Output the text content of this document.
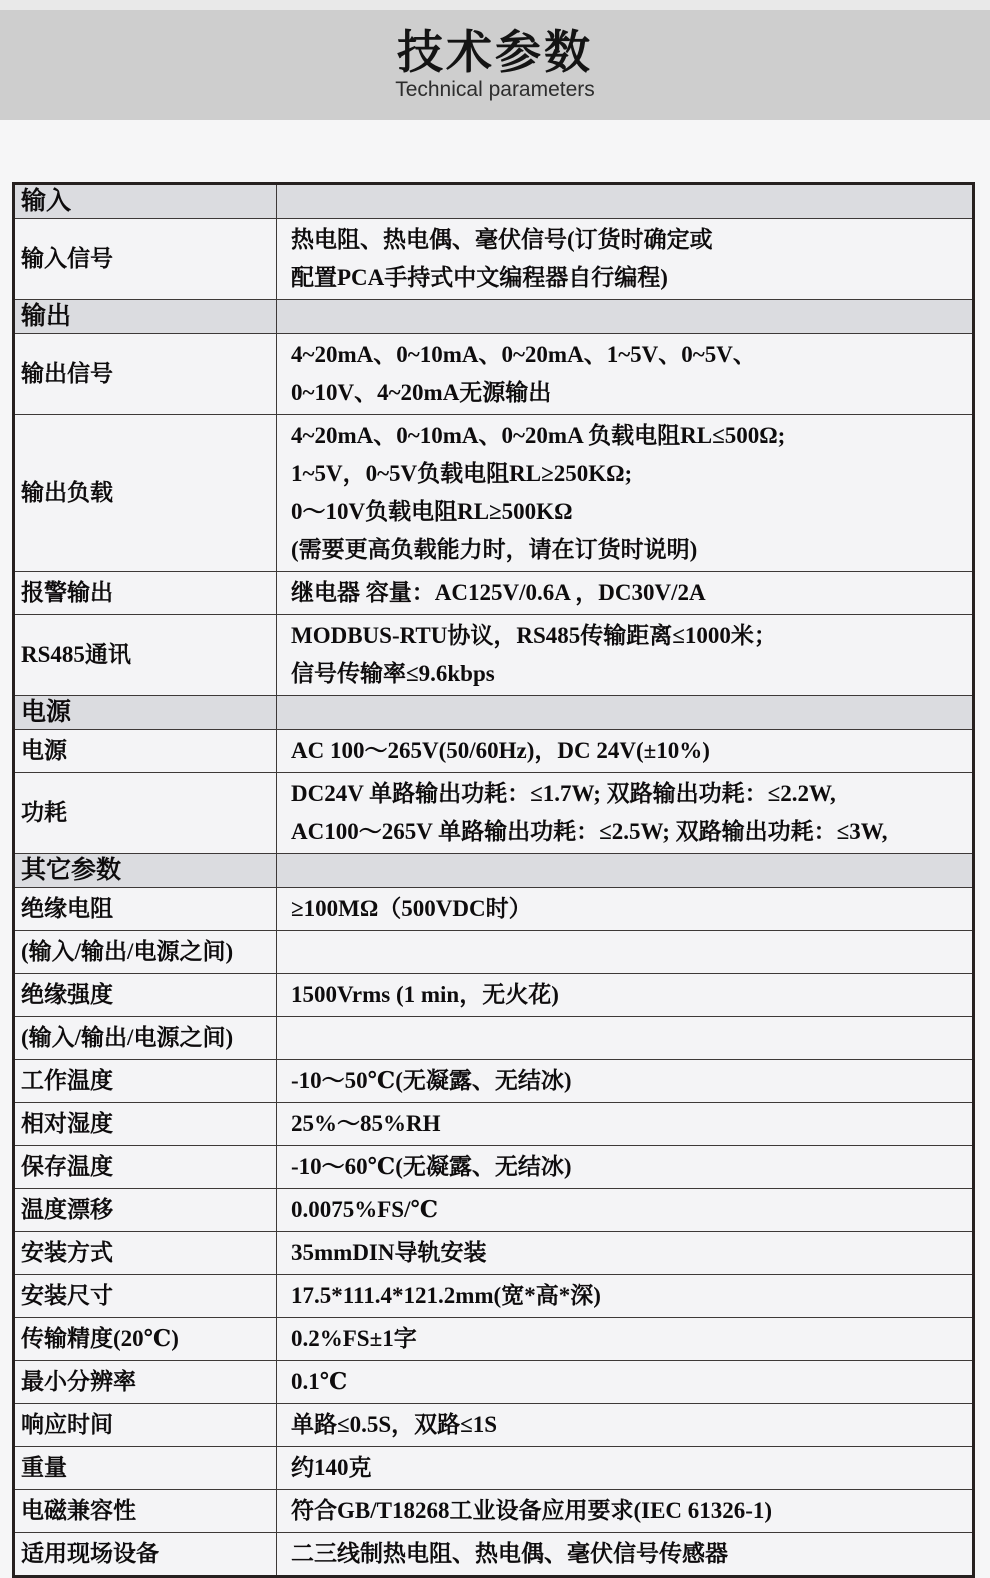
技术参数
Technical parameters
输入	
输入信号	热电阻、热电偶、毫伏信号(订货时确定或
配置PCA手持式中文编程器自行编程)

输出	
输出信号	4~20mA、0~10mA、0~20mA、1~5V、0~5V、
0~10V、4~20mA无源输出

输出负载	4~20mA、0~10mA、0~20mA 负载电阻RL≤500Ω;
1~5V，0~5V负载电阻RL≥250KΩ;
0～10V负载电阻RL≥500KΩ
(需要更高负载能力时，请在订货时说明)

报警输出	继电器 容量：AC125V/0.6A ，DC30V/2A

RS485通讯	MODBUS-RTU协议，RS485传输距离≤1000米；
信号传输率≤9.6kbps

电源	
电源	AC 100～265V(50/60Hz)，DC 24V(±10%)

功耗	DC24V 单路输出功耗：≤1.7W; 双路输出功耗：≤2.2W,
AC100～265V 单路输出功耗：≤2.5W; 双路输出功耗：≤3W,

其它参数	
绝缘电阻	≥100MΩ（500VDC时）

(输入/输出/电源之间)	
绝缘强度	1500Vrms (1 min，无火花)

(输入/输出/电源之间)	
工作温度	-10～50℃(无凝露、无结冰)

相对湿度	25%～85%RH

保存温度	-10～60℃(无凝露、无结冰)

温度漂移	0.0075%FS/℃

安装方式	35mmDIN导轨安装

安装尺寸	17.5*111.4*121.2mm(宽*高*深)

传输精度(20℃)	0.2%FS±1字

最小分辨率	0.1℃

响应时间	单路≤0.5S，双路≤1S

重量	约140克

电磁兼容性	符合GB/T18268工业设备应用要求(IEC 61326-1)

适用现场设备	二三线制热电阻、热电偶、毫伏信号传感器
